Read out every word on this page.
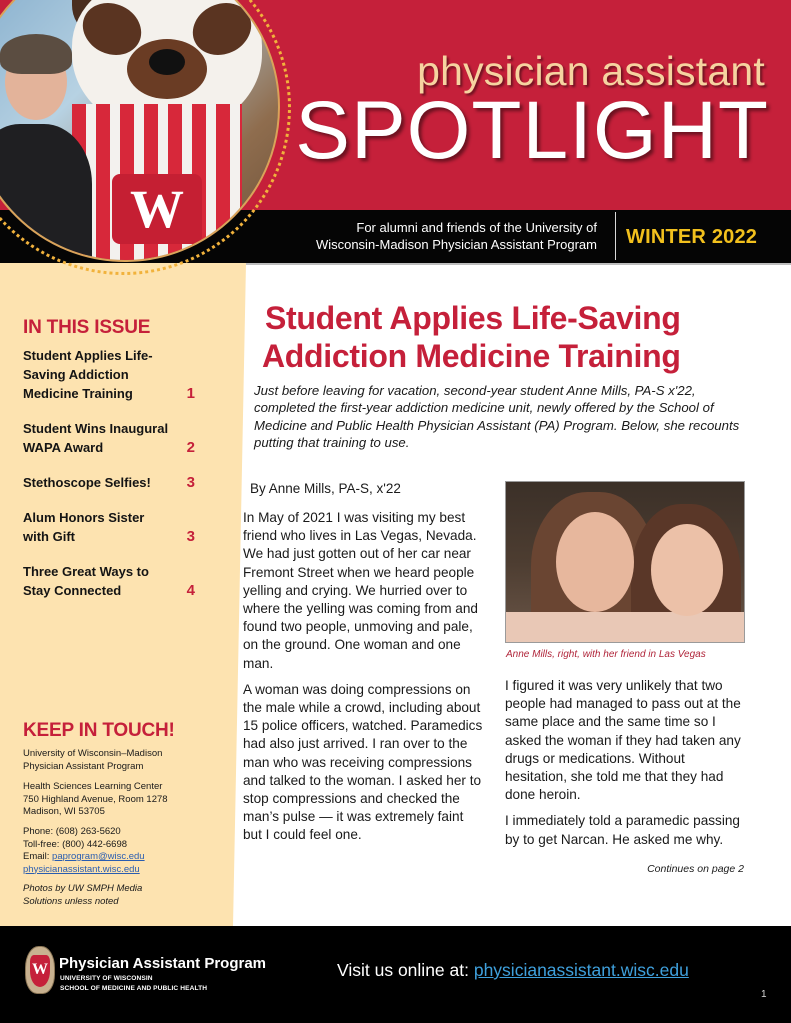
physician assistant
SPOTLIGHT
For alumni and friends of the University of
Wisconsin-Madison Physician Assistant Program WINTER 2022
W
IN THIS ISSUE
Student Applies Life-Saving Addiction Medicine Training	1
Student Wins Inaugural WAPA Award	2
Stethoscope Selfies! 3
Alum Honors Sister with Gift	3
Three Great Ways to Stay Connected	4
KEEP IN TOUCH!
University of Wisconsin–Madison
Physician Assistant Program
Health Sciences Learning Center
750 Highland Avenue, Room 1278
Madison, WI 53705
Phone: (608) 263-5620
Toll-free: (800) 442-6698
Email: paprogram@wisc.edu
physicianassistant.wisc.edu
Photos by UW SMPH Media
Solutions unless noted
Student Applies Life-Saving
Addiction Medicine Training

Just before leaving for vacation, second-year student Anne Mills, PA-S x'22, completed the first-year addiction medicine unit, newly offered by the School of Medicine and Public Health Physician Assistant (PA) Program. Below, she recounts putting that training to use.

By Anne Mills, PA-S, x'22

In May of 2021 I was visiting my best friend who lives in Las Vegas, Nevada. We had just gotten out of her car near Fremont Street when we heard people yelling and crying. We hurried over to where the yelling was coming from and found two people, unmoving and pale, on the ground. One woman and one man.

A woman was doing compressions on the male while a crowd, including about 15 police officers, watched. Paramedics had also just arrived. I ran over to the man who was receiving compressions and talked to the woman. I asked her to stop compressions and checked the man’s pulse — it was extremely faint but I could feel one.

Anne Mills, right, with her friend in Las Vegas

I figured it was very unlikely that two people had managed to pass out at the same place and the same time so I asked the woman if they had taken any drugs or medications. Without hesitation, she told me that they had done heroin.

I immediately told a paramedic passing by to get Narcan. He asked me why.

Continues on page 2
W Physician Assistant Program
UNIVERSITY OF WISCONSIN
SCHOOL OF MEDICINE AND PUBLIC HEALTH
Visit us online at: physicianassistant.wisc.edu
1
